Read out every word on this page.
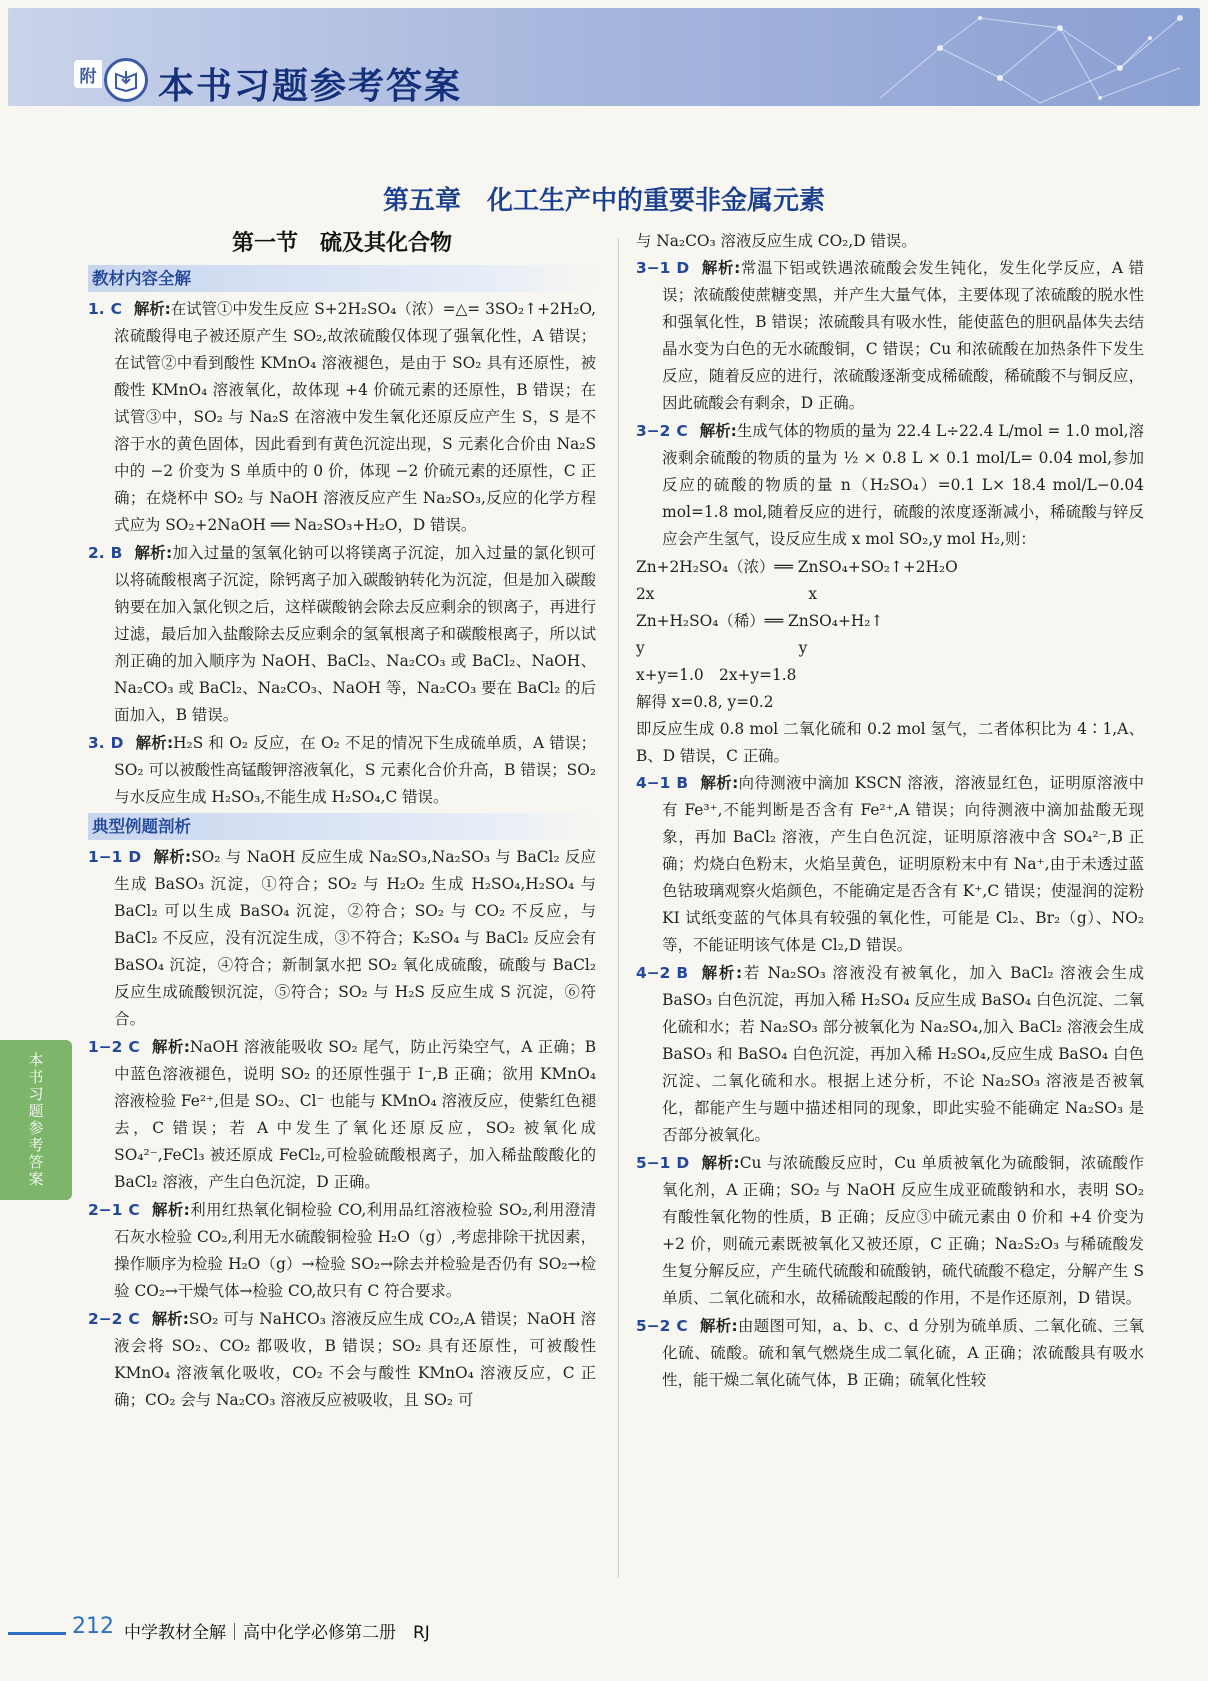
附 本书习题参考答案
第五章　化工生产中的重要非金属元素
第一节　硫及其化合物
教材内容全解

1. C 解析:在试管①中发生反应 S+2H₂SO₄（浓）=△= 3SO₂↑+2H₂O,浓硫酸得电子被还原产生 SO₂,故浓硫酸仅体现了强氧化性，A 错误；在试管②中看到酸性 KMnO₄ 溶液褪色，是由于 SO₂ 具有还原性，被酸性 KMnO₄ 溶液氧化，故体现 +4 价硫元素的还原性，B 错误；在试管③中，SO₂ 与 Na₂S 在溶液中发生氧化还原反应产生 S，S 是不溶于水的黄色固体，因此看到有黄色沉淀出现，S 元素化合价由 Na₂S 中的 −2 价变为 S 单质中的 0 价，体现 −2 价硫元素的还原性，C 正确；在烧杯中 SO₂ 与 NaOH 溶液反应产生 Na₂SO₃,反应的化学方程式应为 SO₂+2NaOH ══ Na₂SO₃+H₂O，D 错误。

2. B 解析:加入过量的氢氧化钠可以将镁离子沉淀，加入过量的氯化钡可以将硫酸根离子沉淀，除钙离子加入碳酸钠转化为沉淀，但是加入碳酸钠要在加入氯化钡之后，这样碳酸钠会除去反应剩余的钡离子，再进行过滤，最后加入盐酸除去反应剩余的氢氧根离子和碳酸根离子，所以试剂正确的加入顺序为 NaOH、BaCl₂、Na₂CO₃ 或 BaCl₂、NaOH、Na₂CO₃ 或 BaCl₂、Na₂CO₃、NaOH 等，Na₂CO₃ 要在 BaCl₂ 的后面加入，B 错误。

3. D 解析:H₂S 和 O₂ 反应，在 O₂ 不足的情况下生成硫单质，A 错误；SO₂ 可以被酸性高锰酸钾溶液氧化，S 元素化合价升高，B 错误；SO₂ 与水反应生成 H₂SO₃,不能生成 H₂SO₄,C 错误。

典型例题剖析

1−1 D 解析:SO₂ 与 NaOH 反应生成 Na₂SO₃,Na₂SO₃ 与 BaCl₂ 反应生成 BaSO₃ 沉淀，①符合；SO₂ 与 H₂O₂ 生成 H₂SO₄,H₂SO₄ 与 BaCl₂ 可以生成 BaSO₄ 沉淀，②符合；SO₂ 与 CO₂ 不反应，与 BaCl₂ 不反应，没有沉淀生成，③不符合；K₂SO₄ 与 BaCl₂ 反应会有 BaSO₄ 沉淀，④符合；新制氯水把 SO₂ 氧化成硫酸，硫酸与 BaCl₂ 反应生成硫酸钡沉淀，⑤符合；SO₂ 与 H₂S 反应生成 S 沉淀，⑥符合。

1−2 C 解析:NaOH 溶液能吸收 SO₂ 尾气，防止污染空气，A 正确；B 中蓝色溶液褪色，说明 SO₂ 的还原性强于 I⁻,B 正确；欲用 KMnO₄ 溶液检验 Fe²⁺,但是 SO₂、Cl⁻ 也能与 KMnO₄ 溶液反应，使紫红色褪去，C 错误；若 A 中发生了氧化还原反应，SO₂ 被氧化成 SO₄²⁻,FeCl₃ 被还原成 FeCl₂,可检验硫酸根离子，加入稀盐酸酸化的 BaCl₂ 溶液，产生白色沉淀，D 正确。

2−1 C 解析:利用红热氧化铜检验 CO,利用品红溶液检验 SO₂,利用澄清石灰水检验 CO₂,利用无水硫酸铜检验 H₂O（g）,考虑排除干扰因素，操作顺序为检验 H₂O（g）→检验 SO₂→除去并检验是否仍有 SO₂→检验 CO₂→干燥气体→检验 CO,故只有 C 符合要求。

2−2 C 解析:SO₂ 可与 NaHCO₃ 溶液反应生成 CO₂,A 错误；NaOH 溶液会将 SO₂、CO₂ 都吸收，B 错误；SO₂ 具有还原性，可被酸性 KMnO₄ 溶液氧化吸收，CO₂ 不会与酸性 KMnO₄ 溶液反应，C 正确；CO₂ 会与 Na₂CO₃ 溶液反应被吸收，且 SO₂ 可

与 Na₂CO₃ 溶液反应生成 CO₂,D 错误。

3−1 D 解析:常温下铝或铁遇浓硫酸会发生钝化，发生化学反应，A 错误；浓硫酸使蔗糖变黑，并产生大量气体，主要体现了浓硫酸的脱水性和强氧化性，B 错误；浓硫酸具有吸水性，能使蓝色的胆矾晶体失去结晶水变为白色的无水硫酸铜，C 错误；Cu 和浓硫酸在加热条件下发生反应，随着反应的进行，浓硫酸逐渐变成稀硫酸，稀硫酸不与铜反应，因此硫酸会有剩余，D 正确。

3−2 C 解析:生成气体的物质的量为 22.4 L÷22.4 L/mol = 1.0 mol,溶液剩余硫酸的物质的量为 ½ × 0.8 L × 0.1 mol/L= 0.04 mol,参加反应的硫酸的物质的量 n（H₂SO₄）=0.1 L× 18.4 mol/L−0.04 mol=1.8 mol,随着反应的进行，硫酸的浓度逐渐减小，稀硫酸与锌反应会产生氢气，设反应生成 x mol SO₂,y mol H₂,则：

Zn+2H₂SO₄（浓）══ ZnSO₄+SO₂↑+2H₂O

2x　　　　　　　　　　x

Zn+H₂SO₄（稀）══ ZnSO₄+H₂↑

y　　　　　　　　　　y

x+y=1.0　2x+y=1.8

解得 x=0.8, y=0.2

即反应生成 0.8 mol 二氧化硫和 0.2 mol 氢气，二者体积比为 4∶1,A、B、D 错误，C 正确。

4−1 B 解析:向待测液中滴加 KSCN 溶液，溶液显红色，证明原溶液中有 Fe³⁺,不能判断是否含有 Fe²⁺,A 错误；向待测液中滴加盐酸无现象，再加 BaCl₂ 溶液，产生白色沉淀，证明原溶液中含 SO₄²⁻,B 正确；灼烧白色粉末，火焰呈黄色，证明原粉末中有 Na⁺,由于未透过蓝色钴玻璃观察火焰颜色，不能确定是否含有 K⁺,C 错误；使湿润的淀粉 KI 试纸变蓝的气体具有较强的氧化性，可能是 Cl₂、Br₂（g）、NO₂ 等，不能证明该气体是 Cl₂,D 错误。

4−2 B 解析:若 Na₂SO₃ 溶液没有被氧化，加入 BaCl₂ 溶液会生成 BaSO₃ 白色沉淀，再加入稀 H₂SO₄ 反应生成 BaSO₄ 白色沉淀、二氧化硫和水；若 Na₂SO₃ 部分被氧化为 Na₂SO₄,加入 BaCl₂ 溶液会生成 BaSO₃ 和 BaSO₄ 白色沉淀，再加入稀 H₂SO₄,反应生成 BaSO₄ 白色沉淀、二氧化硫和水。根据上述分析，不论 Na₂SO₃ 溶液是否被氧化，都能产生与题中描述相同的现象，即此实验不能确定 Na₂SO₃ 是否部分被氧化。

5−1 D 解析:Cu 与浓硫酸反应时，Cu 单质被氧化为硫酸铜，浓硫酸作氧化剂，A 正确；SO₂ 与 NaOH 反应生成亚硫酸钠和水，表明 SO₂ 有酸性氧化物的性质，B 正确；反应③中硫元素由 0 价和 +4 价变为 +2 价，则硫元素既被氧化又被还原，C 正确；Na₂S₂O₃ 与稀硫酸发生复分解反应，产生硫代硫酸和硫酸钠，硫代硫酸不稳定，分解产生 S 单质、二氧化硫和水，故稀硫酸起酸的作用，不是作还原剂，D 错误。

5−2 C 解析:由题图可知，a、b、c、d 分别为硫单质、二氧化硫、三氧化硫、硫酸。硫和氧气燃烧生成二氧化硫，A 正确；浓硫酸具有吸水性，能干燥二氧化硫气体，B 正确；硫氧化性较

本书习题参考答案
212 中学教材全解｜高中化学必修第二册　RJ
